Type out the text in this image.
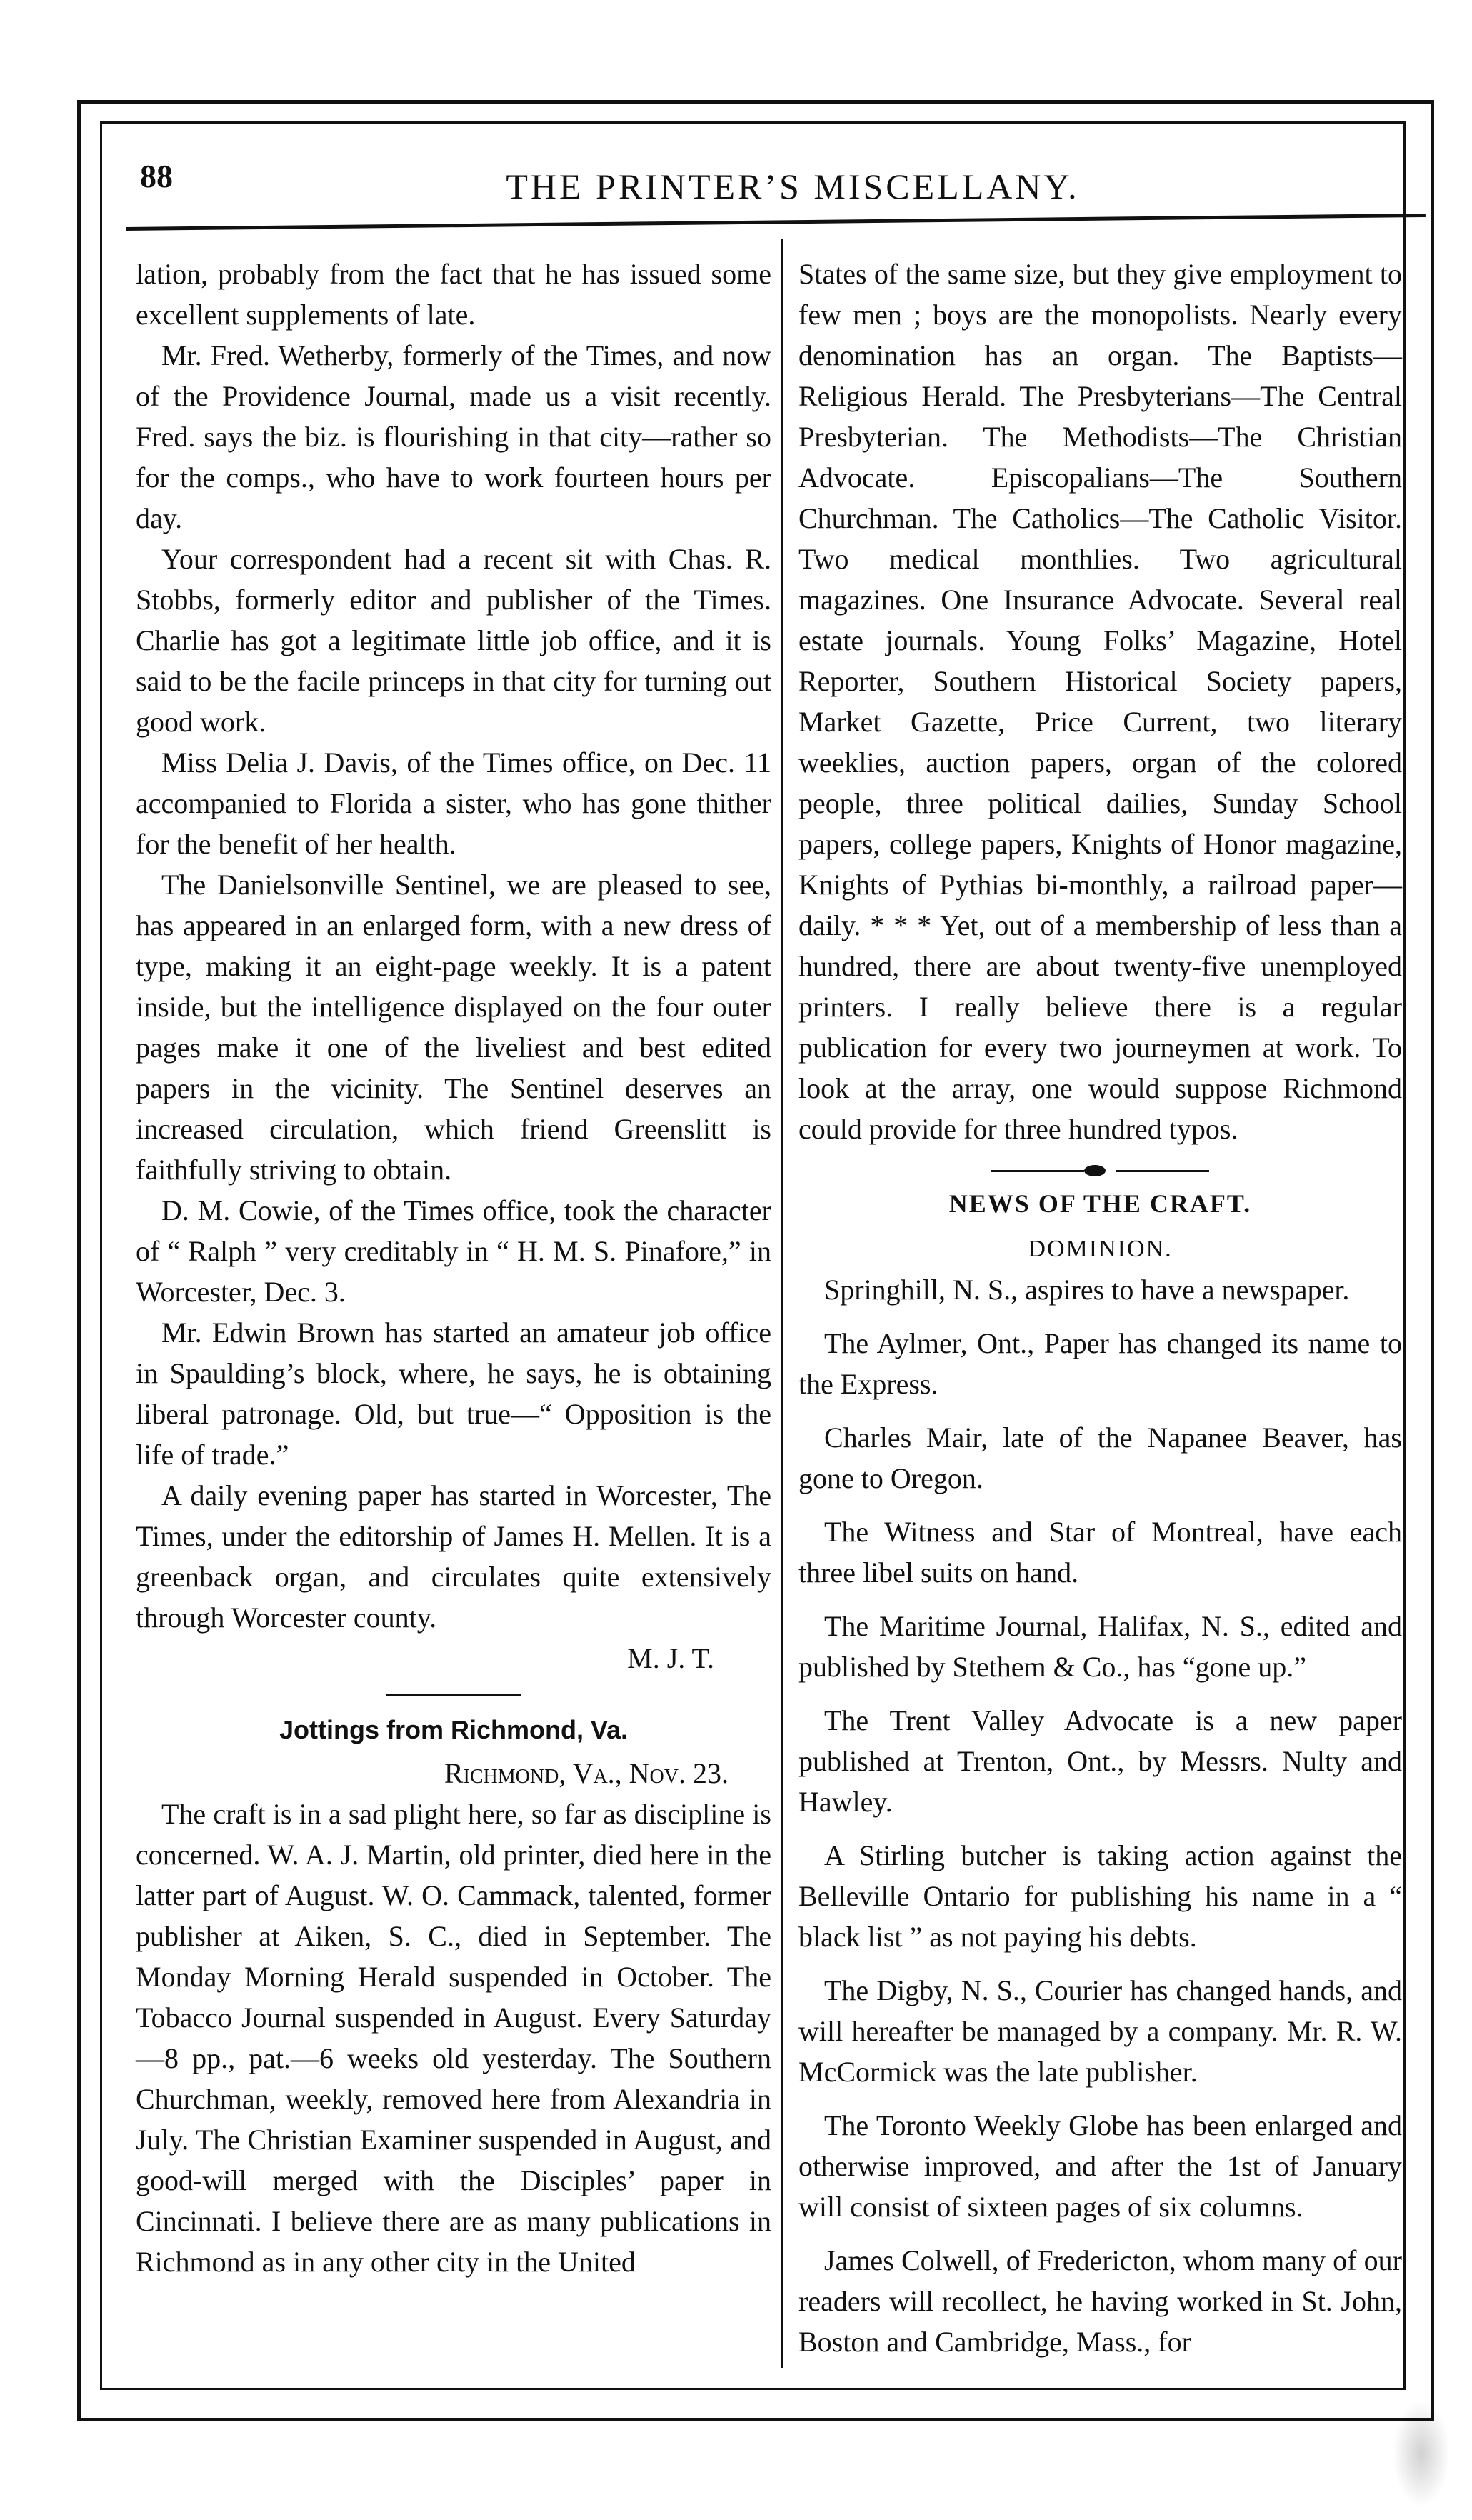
88	THE PRINTER’S MISCELLANY.

lation, probably from the fact that he has issued some excellent supplements of late.

Mr. Fred. Wetherby, formerly of the Times, and now of the Providence Journal, made us a visit recently. Fred. says the biz. is flourishing in that city—rather so for the comps., who have to work fourteen hours per day.

Your correspondent had a recent sit with Chas. R. Stobbs, formerly editor and publisher of the Times. Charlie has got a legitimate little job office, and it is said to be the facile princeps in that city for turning out good work.

Miss Delia J. Davis, of the Times office, on Dec. 11 accompanied to Florida a sister, who has gone thither for the benefit of her health.

The Danielsonville Sentinel, we are pleased to see, has appeared in an enlarged form, with a new dress of type, making it an eight-page weekly. It is a patent inside, but the intelligence displayed on the four outer pages make it one of the liveliest and best edited papers in the vicinity. The Sentinel deserves an increased circulation, which friend Greenslitt is faithfully striving to obtain.

D. M. Cowie, of the Times office, took the character of “ Ralph ” very creditably in “ H. M. S. Pinafore,” in Worcester, Dec. 3.

Mr. Edwin Brown has started an amateur job office in Spaulding’s block, where, he says, he is obtaining liberal patronage. Old, but true—“ Opposition is the life of trade.”

A daily evening paper has started in Worcester, The Times, under the editorship of James H. Mellen. It is a greenback organ, and circulates quite extensively through Worcester county.

M. J. T.

Jottings from Richmond, Va.

Richmond, Va., Nov. 23.

The craft is in a sad plight here, so far as discipline is concerned. W. A. J. Martin, old printer, died here in the latter part of August. W. O. Cammack, talented, former publisher at Aiken, S. C., died in September. The Monday Morning Herald suspended in October. The Tobacco Journal suspended in August. Every Saturday—8 pp., pat.—6 weeks old yesterday. The Southern Churchman, weekly, removed here from Alexandria in July. The Christian Examiner suspended in August, and good-will merged with the Disciples’ paper in Cincinnati. I believe there are as many publications in Richmond as in any other city in the United

States of the same size, but they give employment to few men ; boys are the monopolists. Nearly every denomination has an organ. The Baptists—Religious Herald. The Presbyterians—The Central Presbyterian. The Methodists—The Christian Advocate. Episcopalians—The Southern Churchman. The Catholics—The Catholic Visitor. Two medical monthlies. Two agricultural magazines. One Insurance Advocate. Several real estate journals. Young Folks’ Magazine, Hotel Reporter, Southern Historical Society papers, Market Gazette, Price Current, two literary weeklies, auction papers, organ of the colored people, three political dailies, Sunday School papers, college papers, Knights of Honor magazine, Knights of Pythias bi-monthly, a railroad paper—daily. * * * Yet, out of a membership of less than a hundred, there are about twenty-five unemployed printers. I really believe there is a regular publication for every two journeymen at work. To look at the array, one would suppose Richmond could provide for three hundred typos.

NEWS OF THE CRAFT.
DOMINION.

Springhill, N. S., aspires to have a newspaper.

The Aylmer, Ont., Paper has changed its name to the Express.

Charles Mair, late of the Napanee Beaver, has gone to Oregon.

The Witness and Star of Montreal, have each three libel suits on hand.

The Maritime Journal, Halifax, N. S., edited and published by Stethem & Co., has “gone up.”

The Trent Valley Advocate is a new paper published at Trenton, Ont., by Messrs. Nulty and Hawley.

A Stirling butcher is taking action against the Belleville Ontario for publishing his name in a “ black list ” as not paying his debts.

The Digby, N. S., Courier has changed hands, and will hereafter be managed by a company. Mr. R. W. McCormick was the late publisher.

The Toronto Weekly Globe has been enlarged and otherwise improved, and after the 1st of January will consist of sixteen pages of six columns.

James Colwell, of Fredericton, whom many of our readers will recollect, he having worked in St. John, Boston and Cambridge, Mass., for
